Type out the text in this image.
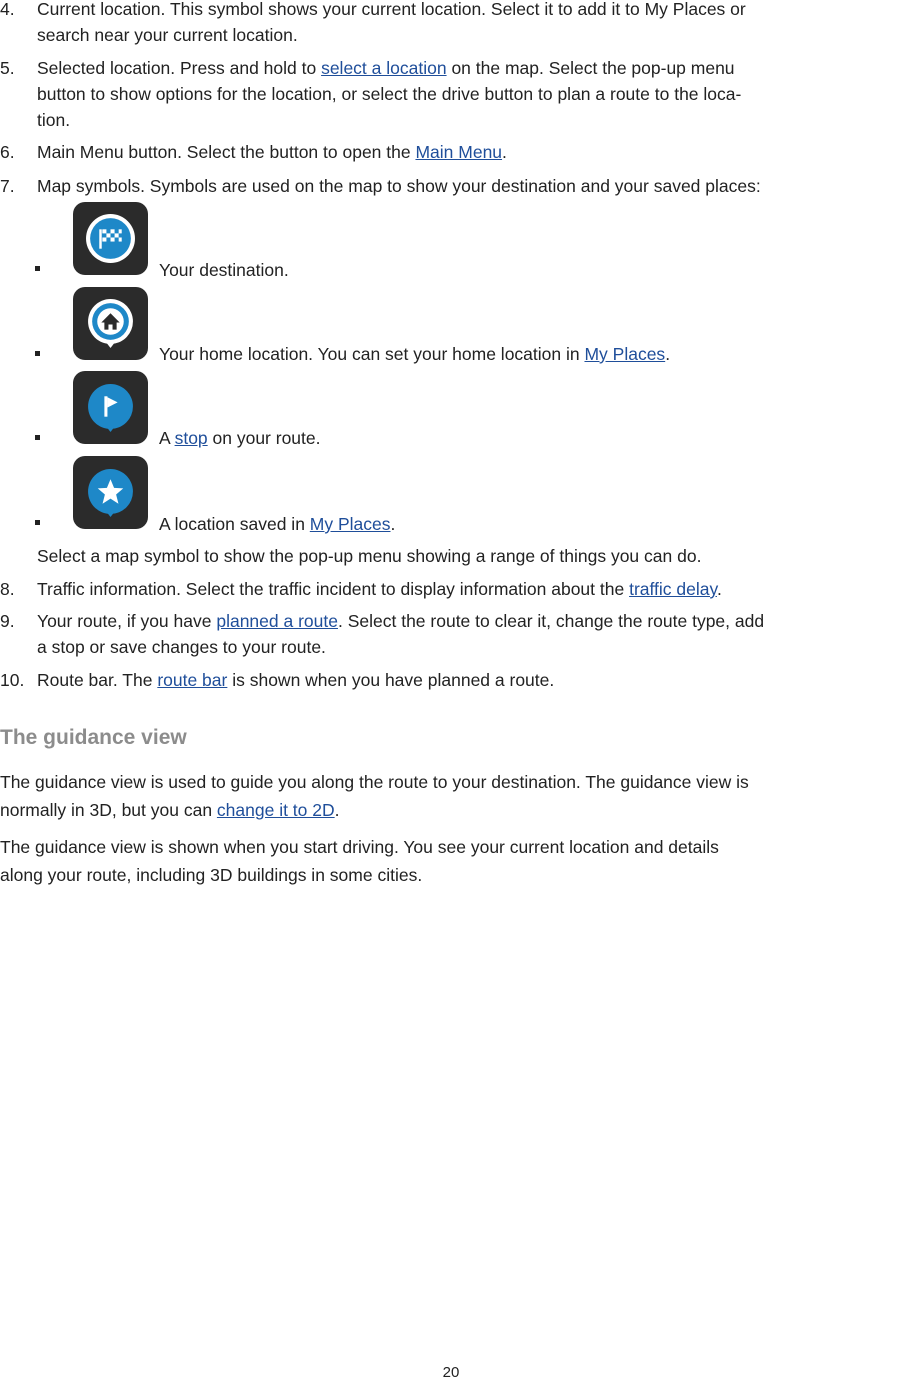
4. Current location. This symbol shows your current location. Select it to add it to My Places or
search near your current location.
5. Selected location. Press and hold to select a location on the map. Select the pop-up menu
button to show options for the location, or select the drive button to plan a route to the loca-
tion.
6. Main Menu button. Select the button to open the Main Menu.
7. Map symbols. Symbols are used on the map to show your destination and your saved places:
Your destination.
Your home location. You can set your home location in My Places.
A stop on your route.
A location saved in My Places.
Select a map symbol to show the pop-up menu showing a range of things you can do.
8. Traffic information. Select the traffic incident to display information about the traffic delay.
9. Your route, if you have planned a route. Select the route to clear it, change the route type, add
a stop or save changes to your route.
10. Route bar. The route bar is shown when you have planned a route.
The guidance view
The guidance view is used to guide you along the route to your destination. The guidance view is
normally in 3D, but you can change it to 2D.
The guidance view is shown when you start driving. You see your current location and details
along your route, including 3D buildings in some cities.
20
